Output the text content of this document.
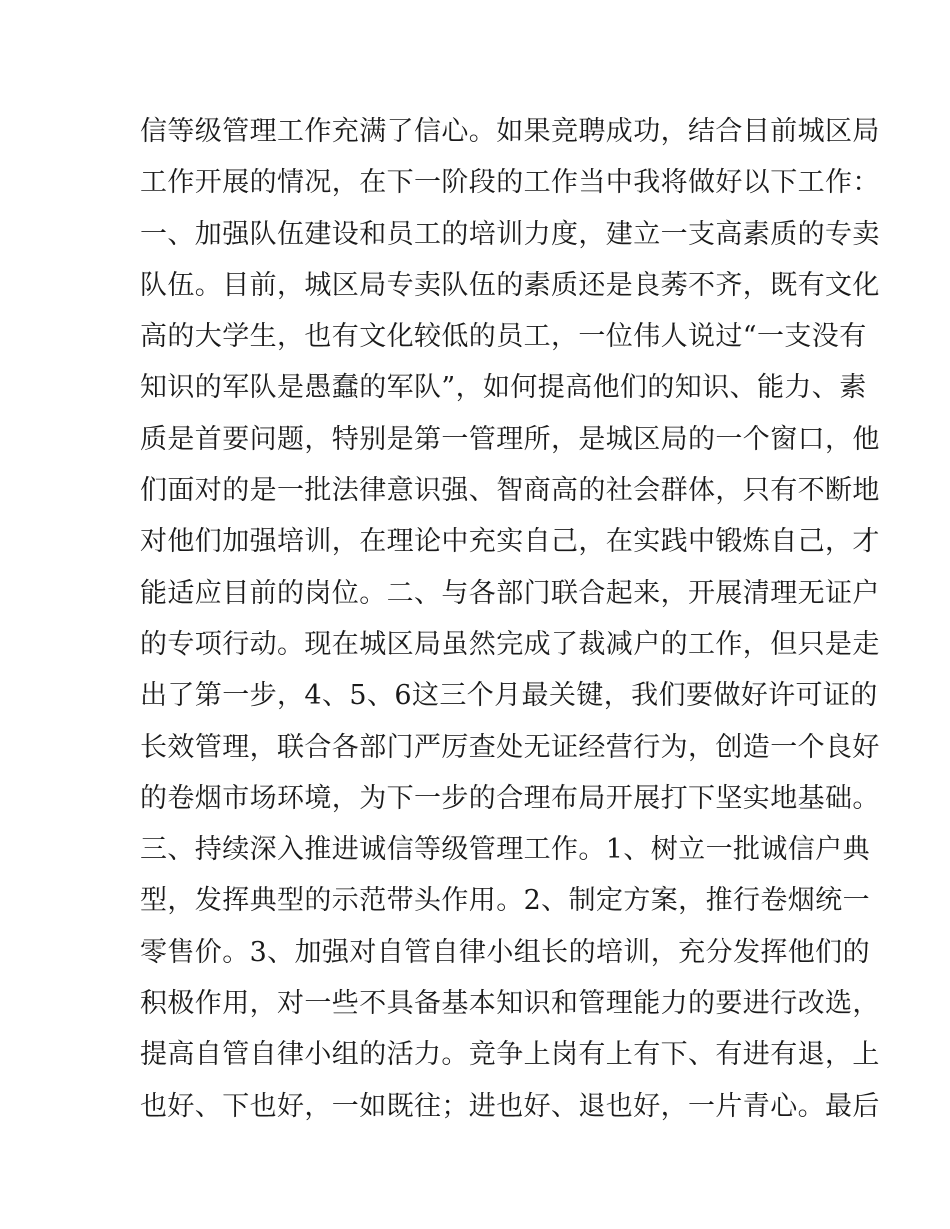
信等级管理工作充满了信心。如果竞聘成功，结合目前城区局
工作开展的情况，在下一阶段的工作当中我将做好以下工作：
一、加强队伍建设和员工的培训力度，建立一支高素质的专卖
队伍。目前，城区局专卖队伍的素质还是良莠不齐，既有文化
高的大学生，也有文化较低的员工，一位伟人说过“一支没有
知识的军队是愚蠢的军队”，如何提高他们的知识、能力、素
质是首要问题，特别是第一管理所，是城区局的一个窗口，他
们面对的是一批法律意识强、智商高的社会群体，只有不断地
对他们加强培训，在理论中充实自己，在实践中锻炼自己，才
能适应目前的岗位。二、与各部门联合起来，开展清理无证户
的专项行动。现在城区局虽然完成了裁减户的工作，但只是走
出了第一步，4、5、6这三个月最关键，我们要做好许可证的
长效管理，联合各部门严厉查处无证经营行为，创造一个良好
的卷烟市场环境，为下一步的合理布局开展打下坚实地基础。
三、持续深入推进诚信等级管理工作。1、树立一批诚信户典
型，发挥典型的示范带头作用。2、制定方案，推行卷烟统一
零售价。3、加强对自管自律小组长的培训，充分发挥他们的
积极作用，对一些不具备基本知识和管理能力的要进行改选，
提高自管自律小组的活力。竞争上岗有上有下、有进有退，上
也好、下也好，一如既往；进也好、退也好，一片青心。最后
